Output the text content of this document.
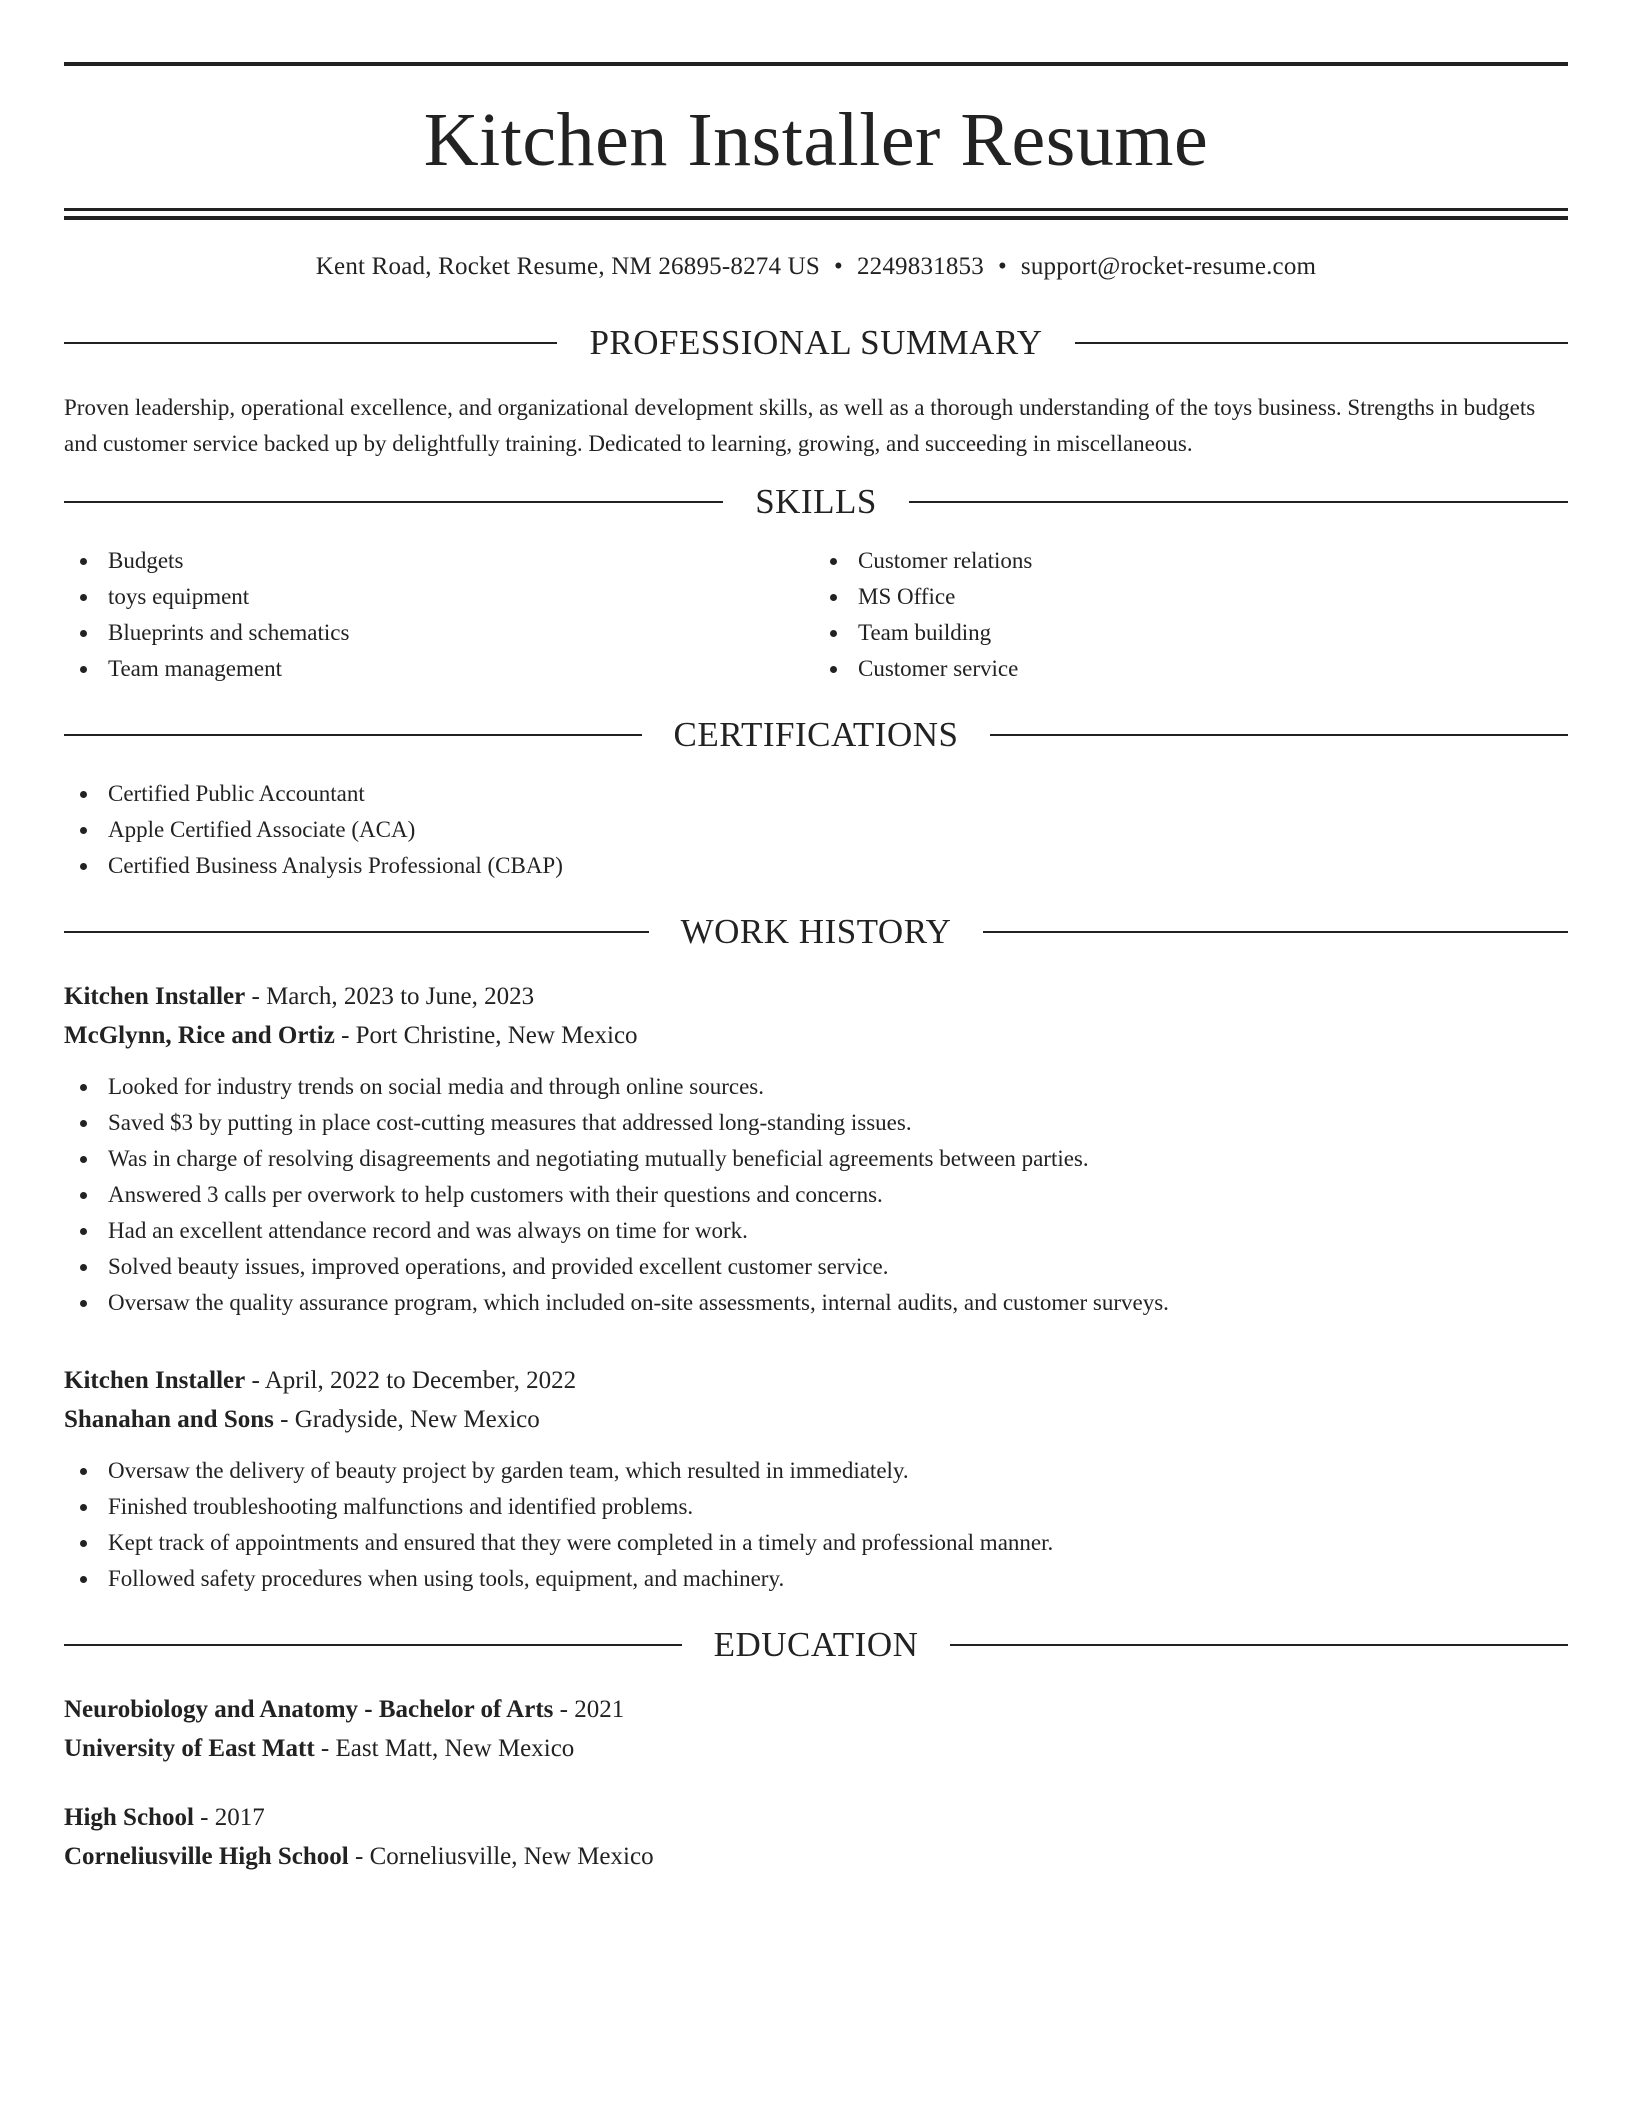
Kitchen Installer Resume
Kent Road, Rocket Resume, NM 26895-8274 US • 2249831853 • support@rocket-resume.com
PROFESSIONAL SUMMARY
Proven leadership, operational excellence, and organizational development skills, as well as a thorough understanding of the toys business. Strengths in budgets and customer service backed up by delightfully training. Dedicated to learning, growing, and succeeding in miscellaneous.
SKILLS
Budgets
toys equipment
Blueprints and schematics
Team management
Customer relations
MS Office
Team building
Customer service
CERTIFICATIONS
Certified Public Accountant
Apple Certified Associate (ACA)
Certified Business Analysis Professional (CBAP)
WORK HISTORY
Kitchen Installer - March, 2023 to June, 2023
McGlynn, Rice and Ortiz - Port Christine, New Mexico
Looked for industry trends on social media and through online sources.
Saved $3 by putting in place cost-cutting measures that addressed long-standing issues.
Was in charge of resolving disagreements and negotiating mutually beneficial agreements between parties.
Answered 3 calls per overwork to help customers with their questions and concerns.
Had an excellent attendance record and was always on time for work.
Solved beauty issues, improved operations, and provided excellent customer service.
Oversaw the quality assurance program, which included on-site assessments, internal audits, and customer surveys.
Kitchen Installer - April, 2022 to December, 2022
Shanahan and Sons - Gradyside, New Mexico
Oversaw the delivery of beauty project by garden team, which resulted in immediately.
Finished troubleshooting malfunctions and identified problems.
Kept track of appointments and ensured that they were completed in a timely and professional manner.
Followed safety procedures when using tools, equipment, and machinery.
EDUCATION
Neurobiology and Anatomy - Bachelor of Arts - 2021
University of East Matt - East Matt, New Mexico
High School - 2017
Corneliusville High School - Corneliusville, New Mexico
